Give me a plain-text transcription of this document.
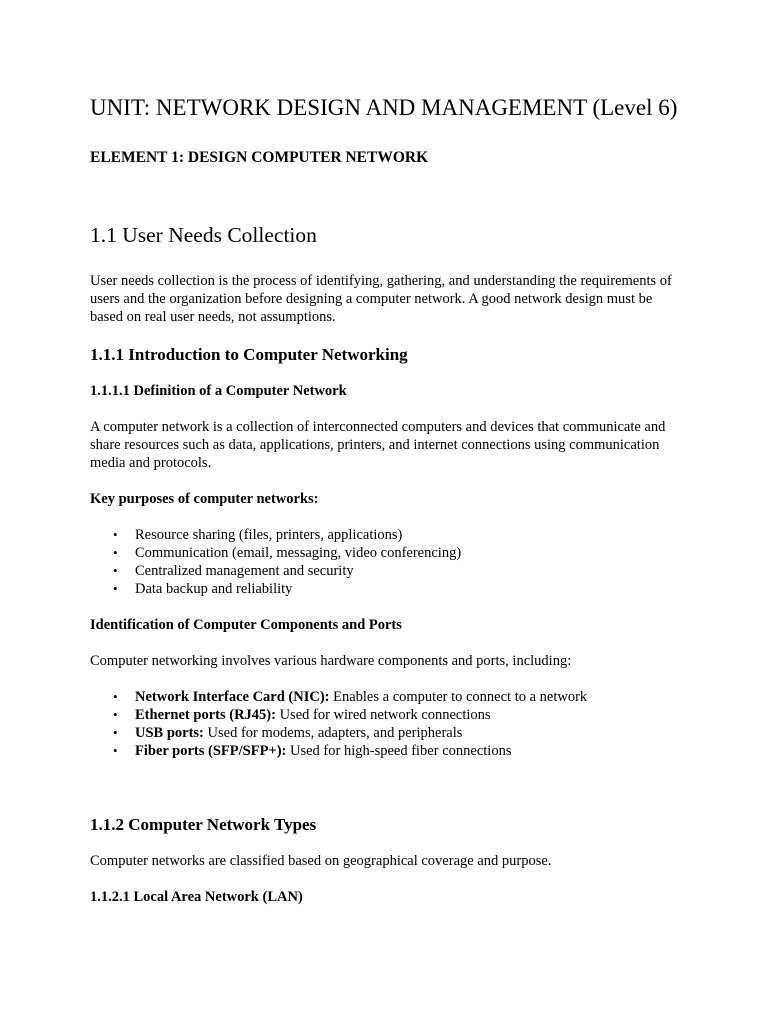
UNIT: NETWORK DESIGN AND MANAGEMENT (Level 6)
ELEMENT 1: DESIGN COMPUTER NETWORK
1.1 User Needs Collection

User needs collection is the process of identifying, gathering, and understanding the requirements of users and the organization before designing a computer network. A good network design must be based on real user needs, not assumptions.

1.1.1 Introduction to Computer Networking
1.1.1.1 Definition of a Computer Network

A computer network is a collection of interconnected computers and devices that communicate and share resources such as data, applications, printers, and internet connections using communication media and protocols.

Key purposes of computer networks:

• Resource sharing (files, printers, applications)
• Communication (email, messaging, video conferencing)
• Centralized management and security
• Data backup and reliability

Identification of Computer Components and Ports

Computer networking involves various hardware components and ports, including:

• Network Interface Card (NIC): Enables a computer to connect to a network
• Ethernet ports (RJ45): Used for wired network connections
• USB ports: Used for modems, adapters, and peripherals
• Fiber ports (SFP/SFP+): Used for high-speed fiber connections
1.1.2 Computer Network Types

Computer networks are classified based on geographical coverage and purpose.

1.1.2.1 Local Area Network (LAN)
